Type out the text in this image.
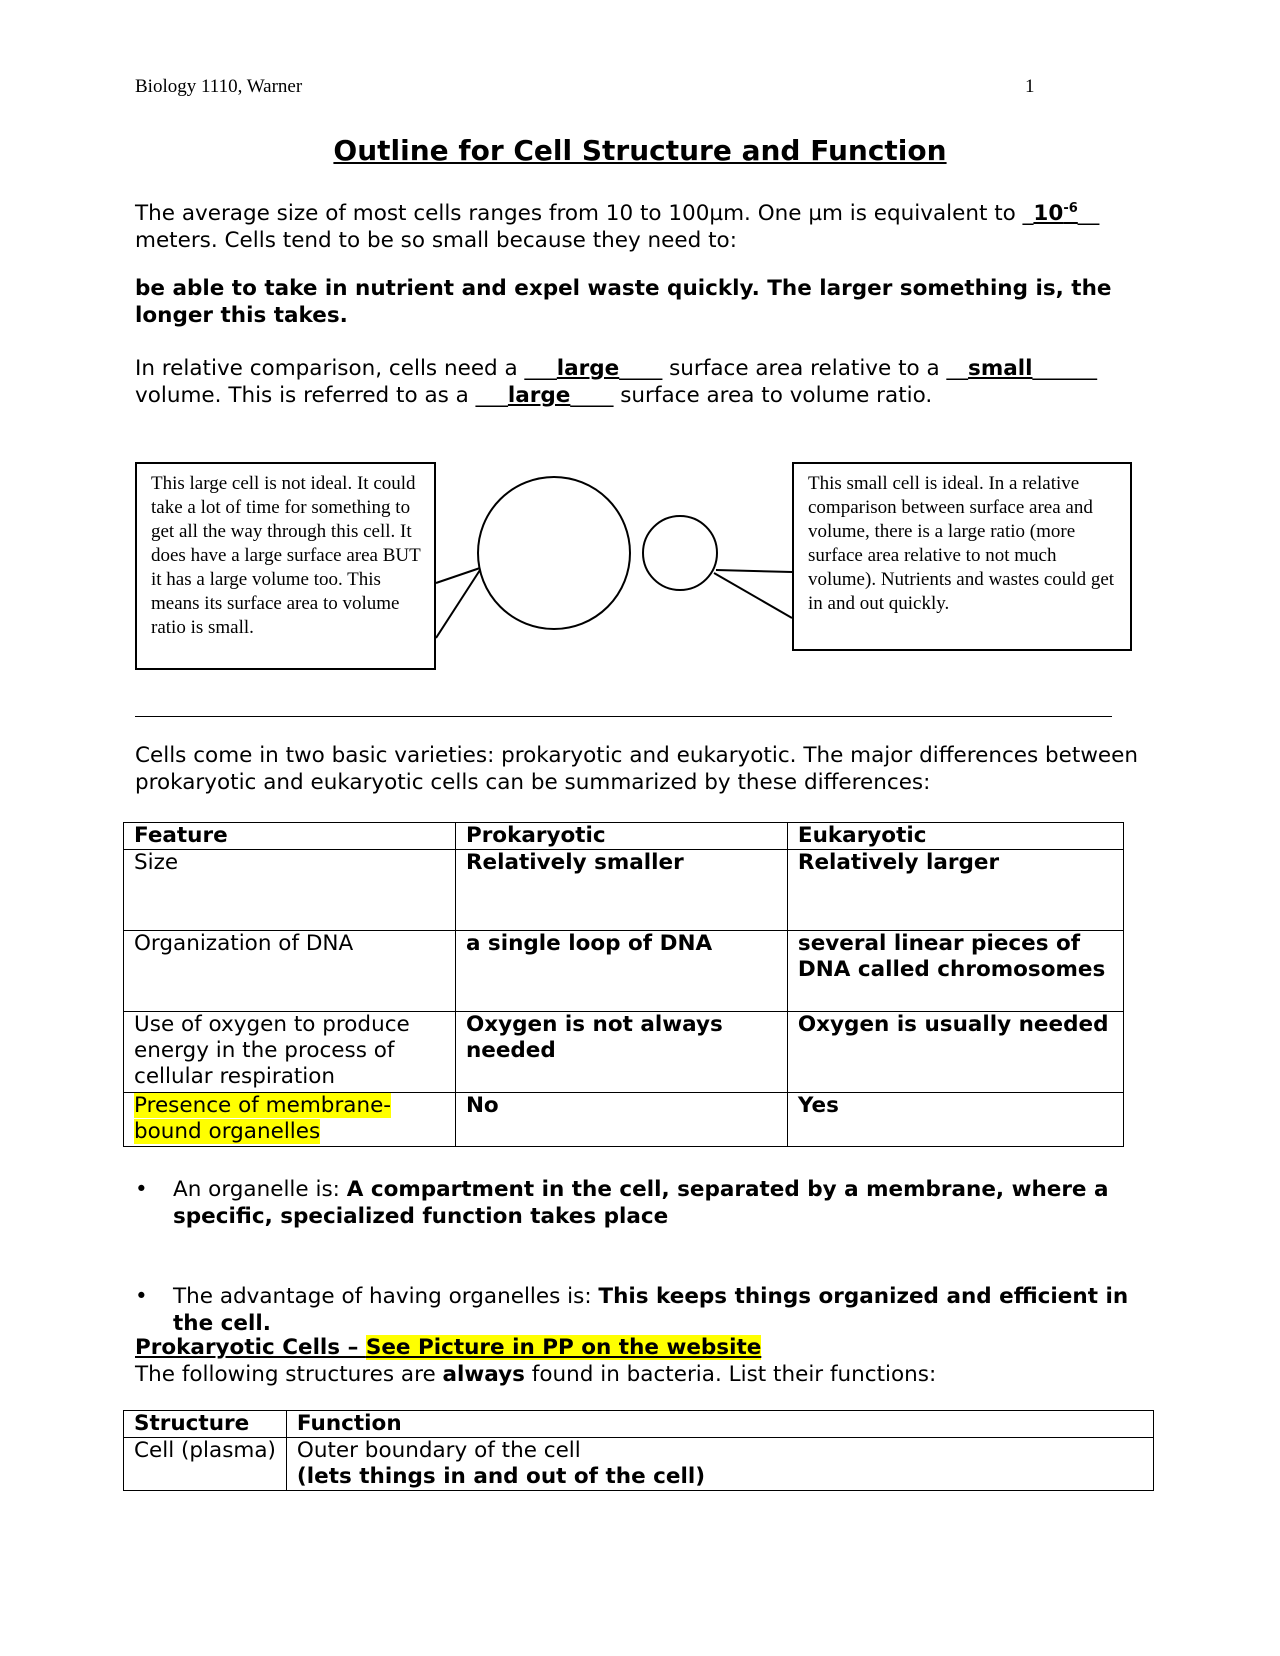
Biology 1110, Warner	1
Outline for Cell Structure and Function
The average size of most cells ranges from 10 to 100µm. One µm is equivalent to $\_10^{-6}\_\_$ meters. Cells tend to be so small because they need to:
be able to take in nutrient and expel waste quickly. The larger something is, the longer this takes.
In relative comparison, cells need a ___large____ surface area relative to a __small______ volume. This is referred to as a ___large____ surface area to volume ratio.
This large cell is not ideal. It could take a lot of time for something to get all the way through this cell. It does have a large surface area BUT it has a large volume too. This means its surface area to volume ratio is small.
This small cell is ideal. In a relative comparison between surface area and volume, there is a large ratio (more surface area relative to not much volume). Nutrients and wastes could get in and out quickly.
Cells come in two basic varieties: prokaryotic and eukaryotic. The major differences between prokaryotic and eukaryotic cells can be summarized by these differences:
Feature	Prokaryotic	Eukaryotic
Size	Relatively smaller	Relatively larger
Organization of DNA	a single loop of DNA	several linear pieces of DNA called chromosomes
Use of oxygen to produce energy in the process of cellular respiration	Oxygen is not always needed	Oxygen is usually needed
Presence of membrane-bound organelles	No	Yes
• An organelle is: A compartment in the cell, separated by a membrane, where a specific, specialized function takes place
• The advantage of having organelles is: This keeps things organized and efficient in the cell.
Prokaryotic Cells – See Picture in PP on the website
The following structures are always found in bacteria. List their functions:
Structure	Function
Cell (plasma)	Outer boundary of the cell
(lets things in and out of the cell)
